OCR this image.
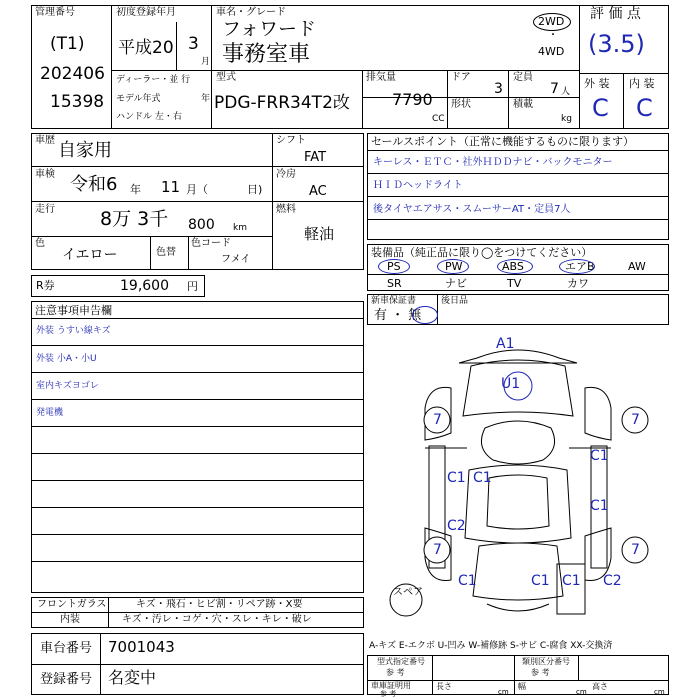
管理番号
(T1)
202406
15398
初度登録年月
平成20 3
月
車名・グレード
フォワード
事務室車
2WD
・
4WD
評 価 点
(3.5)
外 装 内 装
C C
ディーラー・並 行
モデル年式	年
ハンドル 左・右
型式
PDG-FRR34T2改
排気量
7790
CC
ドア
3
定員
7 人
形状	積載
kg
車歴 自家用
車検 令和6 年 11 月（	日)
走行 8万 3千 800 km
色
イエロー	色替
色コード
フメイ
シフト
FAT
冷房
AC
燃料
軽油
R券	19,600 円
セールスポイント（正常に機能するものに限ります）
キーレス・ＥＴＣ・社外ＨＤＤナビ・バックモニター
ＨＩＤヘッドライト
後タイヤエアサス・スムーサーAT・定員7人
装備品（純正品に限り◯をつけてください）
PS	PW	ABS	エアB	AW
SR	ナビ	TV	カワ
新車保証書
有 ・ 無
後日品
注意事項申告欄
外装 うすい線キズ
外装 小A・小U
室内キズヨゴレ
発電機
フロントガラス	キズ・飛石・ヒビ割・リペア跡・X要
内装	キズ・汚レ・コゲ・穴・スレ・キレ・破レ
車台番号 7001043
登録番号 名変中
A1
U1
7	7
C1 C1
C1
C1
C2
7	7
C1	C1 C1 C2
スペア
A-キズ E-エクボ U-凹み W-補修跡 S-サビ C-腐食 XX-交換済
型式指定番号
参 考
類別区分番号
参 考
車庫証明用
参 考
長さ
cm
幅
cm
高さ
cm
